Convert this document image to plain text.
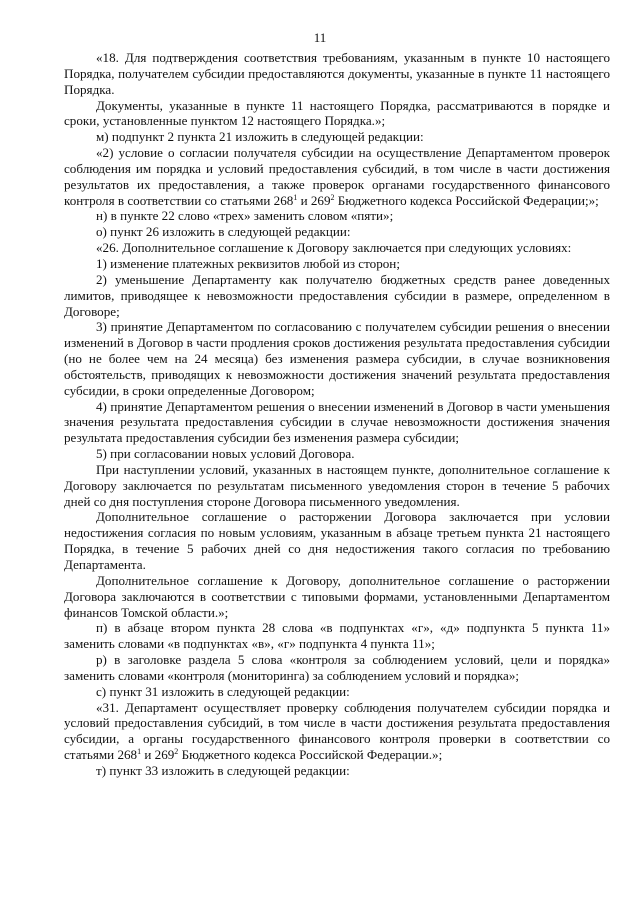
11

«18. Для подтверждения соответствия требованиям, указанным в пункте 10 настоящего Порядка, получателем субсидии предоставляются документы, указанные в пункте 11 настоящего Порядка.

Документы, указанные в пункте 11 настоящего Порядка, рассматриваются в порядке и сроки, установленные пунктом 12 настоящего Порядка.»;

м) подпункт 2 пункта 21 изложить в следующей редакции:

«2) условие о согласии получателя субсидии на осуществление Департаментом проверок соблюдения им порядка и условий предоставления субсидий, в том числе в части достижения результатов их предоставления, а также проверок органами государственного финансового контроля в соответствии со статьями $268^1$ и $269^2$ Бюджетного кодекса Российской Федерации;»;

н) в пункте 22 слово «трех» заменить словом «пяти»;

о) пункт 26 изложить в следующей редакции:

«26. Дополнительное соглашение к Договору заключается при следующих условиях:

1) изменение платежных реквизитов любой из сторон;

2) уменьшение Департаменту как получателю бюджетных средств ранее доведенных лимитов, приводящее к невозможности предоставления субсидии в размере, определенном в Договоре;

3) принятие Департаментом по согласованию с получателем субсидии решения о внесении изменений в Договор в части продления сроков достижения результата предоставления субсидии (но не более чем на 24 месяца) без изменения размера субсидии, в случае возникновения обстоятельств, приводящих к невозможности достижения значений результата предоставления субсидии, в сроки определенные Договором;

4) принятие Департаментом решения о внесении изменений в Договор в части уменьшения значения результата предоставления субсидии в случае невозможности достижения значения результата предоставления субсидии без изменения размера субсидии;

5) при согласовании новых условий Договора.

При наступлении условий, указанных в настоящем пункте, дополнительное соглашение к Договору заключается по результатам письменного уведомления сторон в течение 5 рабочих дней со дня поступления стороне Договора письменного уведомления.

Дополнительное соглашение о расторжении Договора заключается при условии недостижения согласия по новым условиям, указанным в абзаце третьем пункта 21 настоящего Порядка, в течение 5 рабочих дней со дня недостижения такого согласия по требованию Департамента.

Дополнительное соглашение к Договору, дополнительное соглашение о расторжении Договора заключаются в соответствии с типовыми формами, установленными Департаментом финансов Томской области.»;

п) в абзаце втором пункта 28 слова «в подпунктах «г», «д» подпункта 5 пункта 11» заменить словами «в подпунктах «в», «г» подпункта 4 пункта 11»;

р) в заголовке раздела 5 слова «контроля за соблюдением условий, цели и порядка» заменить словами «контроля (мониторинга) за соблюдением условий и порядка»;

с) пункт 31 изложить в следующей редакции:

«31. Департамент осуществляет проверку соблюдения получателем субсидии порядка и условий предоставления субсидий, в том числе в части достижения результата предоставления субсидии, а органы государственного финансового контроля проверки в соответствии со статьями $268^1$ и $269^2$ Бюджетного кодекса Российской Федерации.»;

т) пункт 33 изложить в следующей редакции:
